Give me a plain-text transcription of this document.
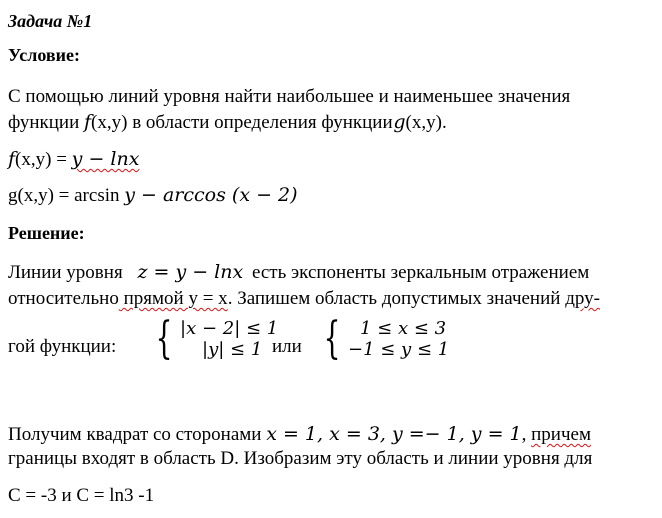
Задача №1
Условие:
С помощью линий уровня найти наибольшее и наименьшее значения
функции f(x,y) в области определения функции g(x,y).
f(x,y) = y − lnx
g(x,y) = arcsin y − arccos (x − 2)
Решение:
Линии уровня z = y − lnx есть экспоненты зеркальным отражением
относительно прямой y = x. Запишем область допустимых значений дру-
гой функции: { |x − 2| ≤ 1
|y| ≤ 1 или {	1 ≤ x ≤ 3
−1 ≤ y ≤ 1
Получим квадрат со сторонами x = 1, x = 3, y =− 1, y = 1, причем
границы входят в область D. Изобразим эту область и линии уровня для
С = -3 и С = ln3 -1
